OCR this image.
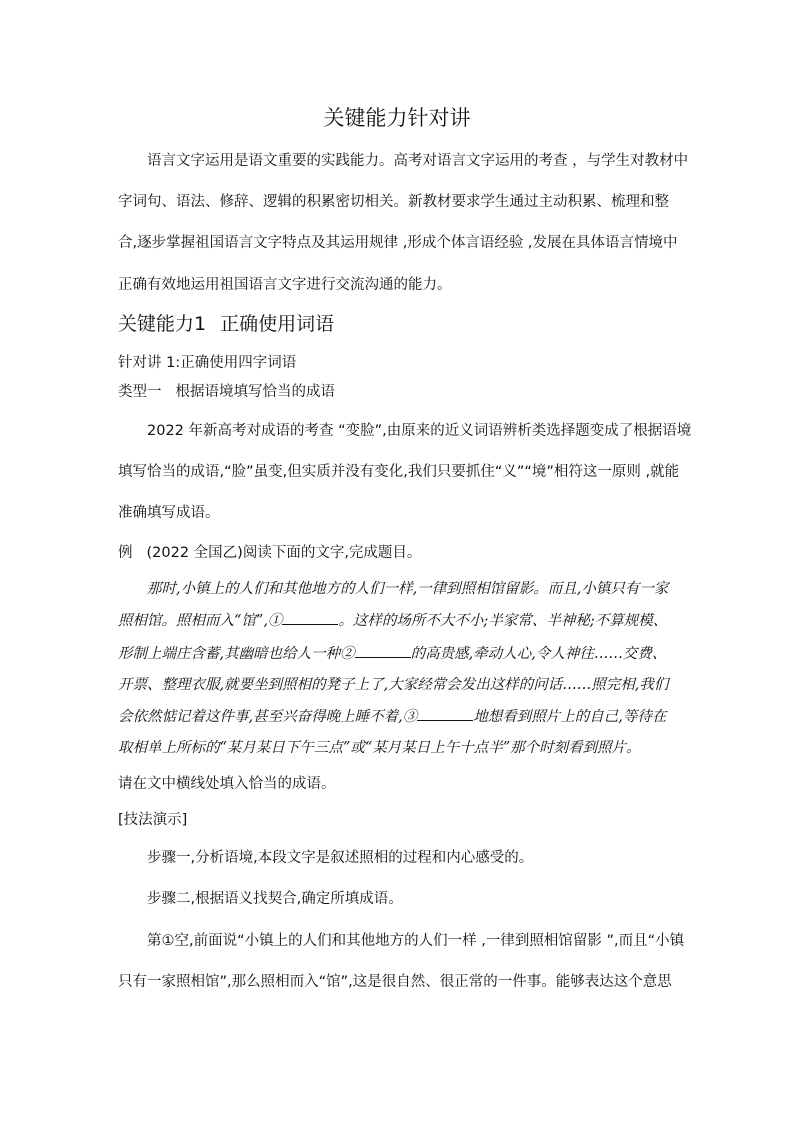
关键能力针对讲
语言文字运用是语文重要的实践能力。高考对语言文字运用的考查 ，与学生对教材中
字词句、语法、修辞、逻辑的积累密切相关。新教材要求学生通过主动积累、梳理和整
合,逐步掌握祖国语言文字特点及其运用规律 ,形成个体言语经验 ,发展在具体语言情境中
正确有效地运用祖国语言文字进行交流沟通的能力。
关键能力1 正确使用词语
针对讲 1:正确使用四字词语
类型一 根据语境填写恰当的成语
2022 年新高考对成语的考查 “变脸”,由原来的近义词语辨析类选择题变成了根据语境
填写恰当的成语,“脸”虽变,但实质并没有变化,我们只要抓住“义”“境”相符这一原则 ,就能
准确填写成语。
例 (2022 全国乙)阅读下面的文字,完成题目。
那时,小镇上的人们和其他地方的人们一样,一律到照相馆留影。而且,小镇只有一家
照相馆。照相而入“馆”,①	。这样的场所不大不小;半家常、半神秘;不算规模、
形制上端庄含蓄,其幽暗也给人一种②	的高贵感,牵动人心,令人神往……交费、
开票、整理衣服,就要坐到照相的凳子上了,大家经常会发出这样的问话……照完相,我们
会依然惦记着这件事,甚至兴奋得晚上睡不着,③	地想看到照片上的自己,等待在
取相单上所标的“某月某日下午三点”或“某月某日上午十点半”那个时刻看到照片。
请在文中横线处填入恰当的成语。
[技法演示]
步骤一,分析语境,本段文字是叙述照相的过程和内心感受的。
步骤二,根据语义找契合,确定所填成语。
第①空,前面说“小镇上的人们和其他地方的人们一样 ,一律到照相馆留影 ”,而且“小镇
只有一家照相馆”,那么照相而入“馆”,这是很自然、很正常的一件事。能够表达这个意思
